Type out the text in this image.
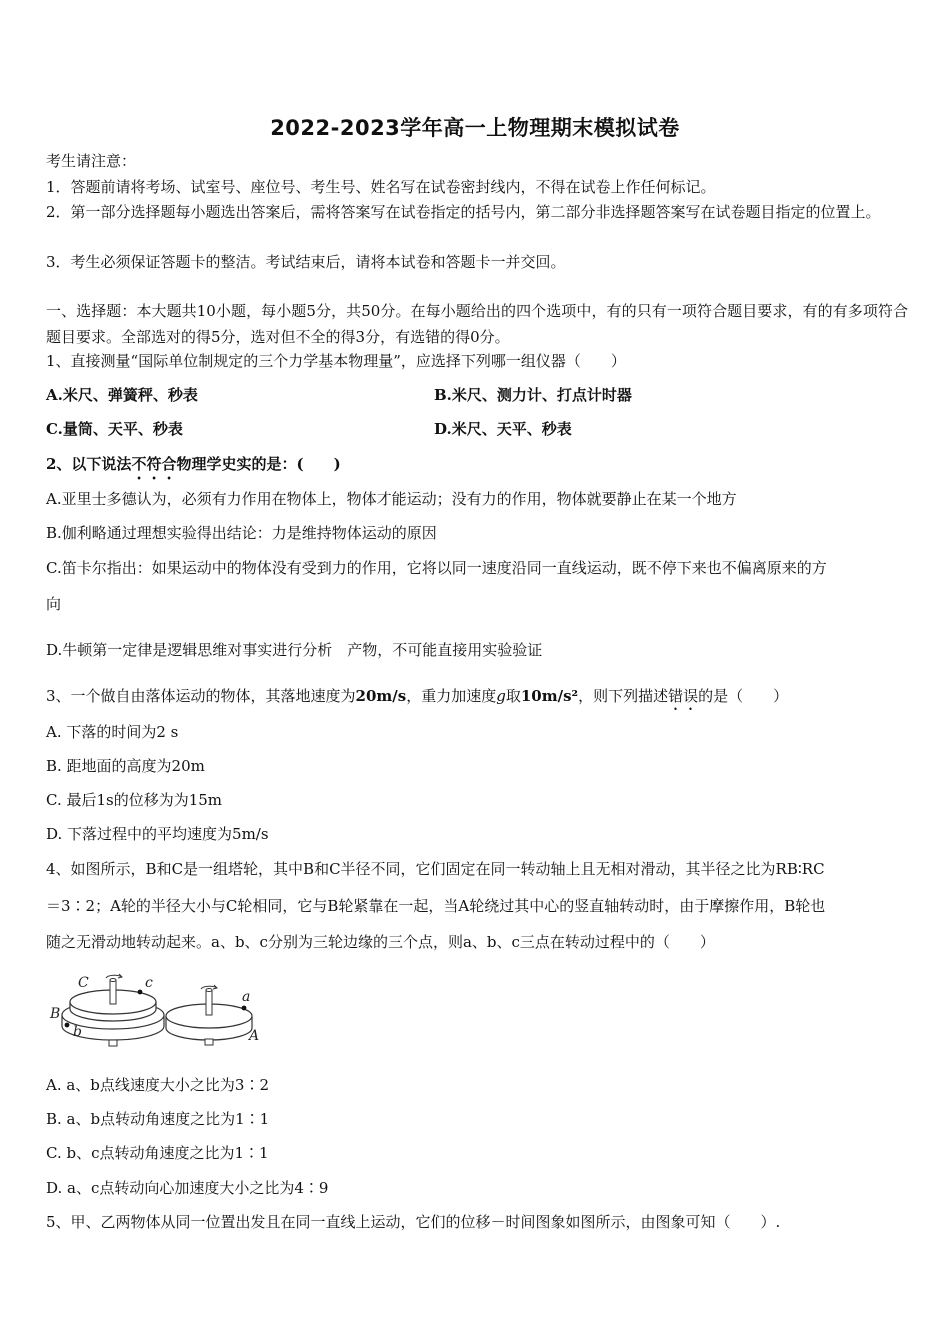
2022-2023学年高一上物理期末模拟试卷
考生请注意：
1．答题前请将考场、试室号、座位号、考生号、姓名写在试卷密封线内，不得在试卷上作任何标记。
2．第一部分选择题每小题选出答案后，需将答案写在试卷指定的括号内，第二部分非选择题答案写在试卷题目指定的位置上。
3．考生必须保证答题卡的整洁。考试结束后，请将本试卷和答题卡一并交回。
一、选择题：本大题共10小题，每小题5分，共50分。在每小题给出的四个选项中，有的只有一项符合题目要求，有的有多项符合题目要求。全部选对的得5分，选对但不全的得3分，有选错的得0分。
1、直接测量“国际单位制规定的三个力学基本物理量”，应选择下列哪一组仪器（　　）
A.米尺、弹簧秤、秒表	B.米尺、测力计、打点计时器
C.量筒、天平、秒表	D.米尺、天平、秒表
2、以下说法不符合物理学史实的是：(　　)
A.亚里士多德认为，必须有力作用在物体上，物体才能运动；没有力的作用，物体就要静止在某一个地方
B.伽利略通过理想实验得出结论：力是维持物体运动的原因
C.笛卡尔指出：如果运动中的物体没有受到力的作用，它将以同一速度沿同一直线运动，既不停下来也不偏离原来的方
向
D.牛顿第一定律是逻辑思维对事实进行分析　产物，不可能直接用实验验证
3、一个做自由落体运动的物体，其落地速度为20m/s，重力加速度g取10m/s²，则下列描述错误的是（　　）
A. 下落的时间为2 s
B. 距地面的高度为20m
C. 最后1s的位移为为15m
D. 下落过程中的平均速度为5m/s
4、如图所示，B和C是一组塔轮，其中B和C半径不同，它们固定在同一转动轴上且无相对滑动，其半径之比为RB∶RC
＝3∶2；A轮的半径大小与C轮相同，它与B轮紧靠在一起，当A轮绕过其中心的竖直轴转动时，由于摩擦作用，B轮也
随之无滑动地转动起来。a、b、c分别为三轮边缘的三个点，则a、b、c三点在转动过程中的（　　）
C	c
B
b
a
A
A. a、b点线速度大小之比为3∶2
B. a、b点转动角速度之比为1∶1
C. b、c点转动角速度之比为1∶1
D. a、c点转动向心加速度大小之比为4∶9
5、甲、乙两物体从同一位置出发且在同一直线上运动，它们的位移－时间图象如图所示，由图象可知（　　）.
